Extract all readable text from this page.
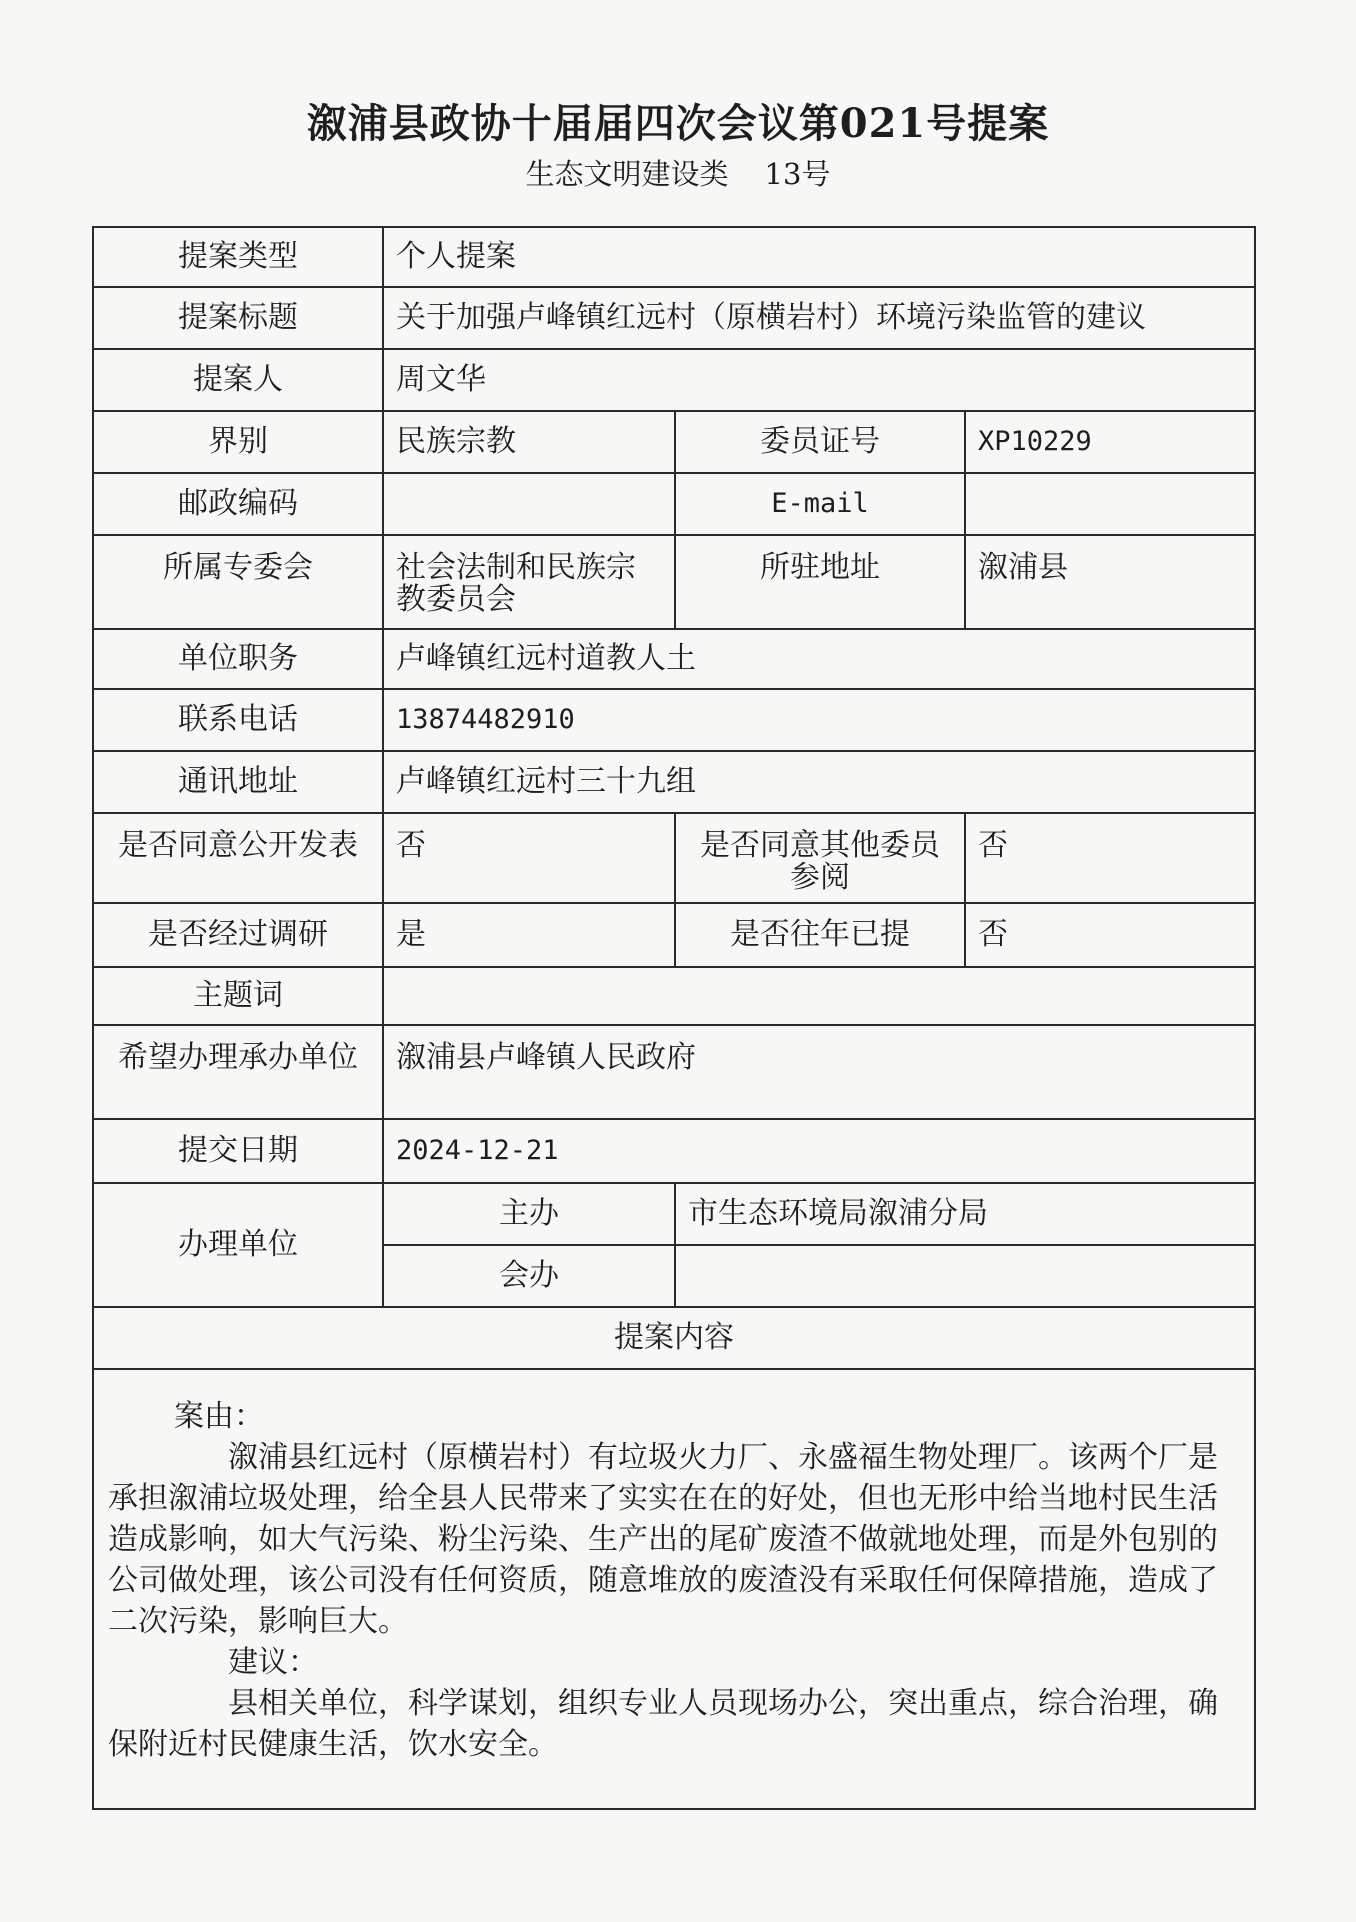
溆浦县政协十届届四次会议第021号提案
生态文明建设类 13号
提案类型	个人提案		
提案标题	关于加强卢峰镇红远村（原横岩村）环境污染监管的建议		
提案人	周文华		
界别	民族宗教	委员证号	XP10229
邮政编码		E-mail	
所属专委会	社会法制和民族宗教委员会	所驻地址	溆浦县
单位职务	卢峰镇红远村道教人土		
联系电话	13874482910		
通讯地址	卢峰镇红远村三十九组		
是否同意公开发表	否	是否同意其他委员参阅	否
是否经过调研	是	是否往年已提	否
主题词			
希望办理承办单位	溆浦县卢峰镇人民政府		
提交日期	2024-12-21		
办理单位	主办	市生态环境局溆浦分局	
	会办		
提案内容			

案由：

溆浦县红远村（原横岩村）有垃圾火力厂、永盛福生物处理厂。该两个厂是承担溆浦垃圾处理，给全县人民带来了实实在在的好处，但也无形中给当地村民生活造成影响，如大气污染、粉尘污染、生产出的尾矿废渣不做就地处理，而是外包别的公司做处理，该公司没有任何资质，随意堆放的废渣没有采取任何保障措施，造成了二次污染，影响巨大。

建议：

县相关单位，科学谋划，组织专业人员现场办公，突出重点，综合治理，确保附近村民健康生活，饮水安全。			
